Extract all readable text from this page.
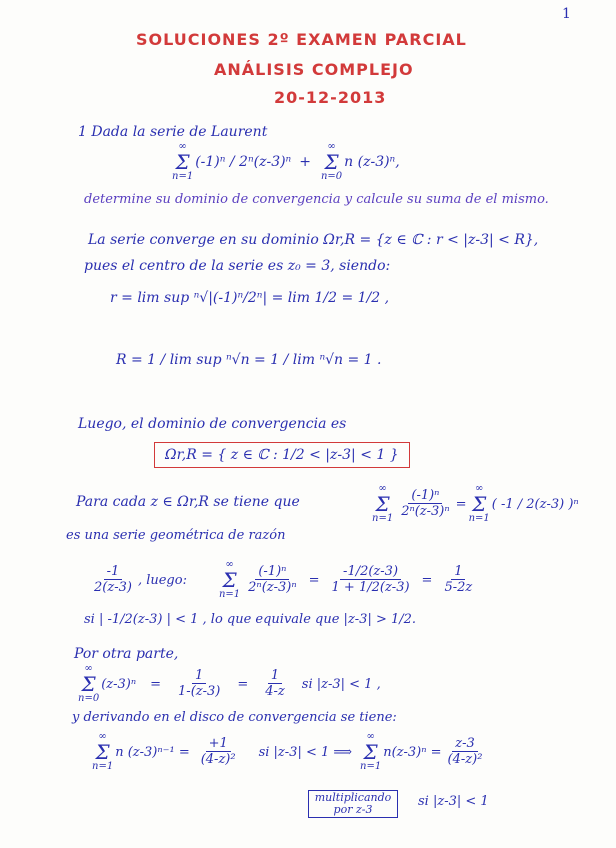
1
SOLUCIONES 2º EXAMEN PARCIAL
ANÁLISIS COMPLEJO
20-12-2013
1 Dada la serie de Laurent
∞
Σ
n=1
(-1)ⁿ / 2ⁿ(z-3)ⁿ +
∞
Σ
n=0
n (z-3)ⁿ,
determine su dominio de convergencia y calcule su suma de el mismo.
La serie converge en su dominio Ωr,R = {z ∈ ℂ : r < |z-3| < R},
pues el centro de la serie es z₀ = 3, siendo:
r = lim sup ⁿ√|(-1)ⁿ/2ⁿ| = lim 1/2 = 1/2 ,
R = 1 / lim sup ⁿ√n = 1 / lim ⁿ√n = 1 .
Luego, el dominio de convergencia es
Ωr,R = { z ∈ ℂ : 1/2 < |z-3| < 1 }
Para cada z ∈ Ωr,R se tiene que
∞
Σ
$n=1 \frac{\text{(-1)ⁿ}}{\text{2ⁿ(z-3)ⁿ}}$ =
∞
Σ
n=1
( -1 / 2(z-3) )ⁿ
es una serie geométrica de razón
$\frac{-1}{2(z-3)}$ , luego:
∞
Σ
$n=1 \frac{\text{(-1)ⁿ}}{\text{2ⁿ(z-3)ⁿ}} = \frac{-1/2(z-3)}{1 + 1/2(z-3)} = \frac{1}{5-2z}$
si | -1/2(z-3) | < 1 , lo que equivale que |z-3| > 1/2.
Por otra parte,
∞
Σ
n=0
$(z-3)^n = \frac{1}{1-(z-3)} = \frac{1}{4-z}$ si |z-3| < 1 ,
y derivando en el disco de convergencia se tiene:
∞
Σ
n=1
n $(z-3)^{n-1} = \frac{+1}{\text{(4-z)²}}$ si |z-3| < 1 ⟹
∞
Σ
n=1
$n(z-3)^n = \frac{z-3}{\text{(4-z)²}}$
multiplicando por z-3
si |z-3| < 1
